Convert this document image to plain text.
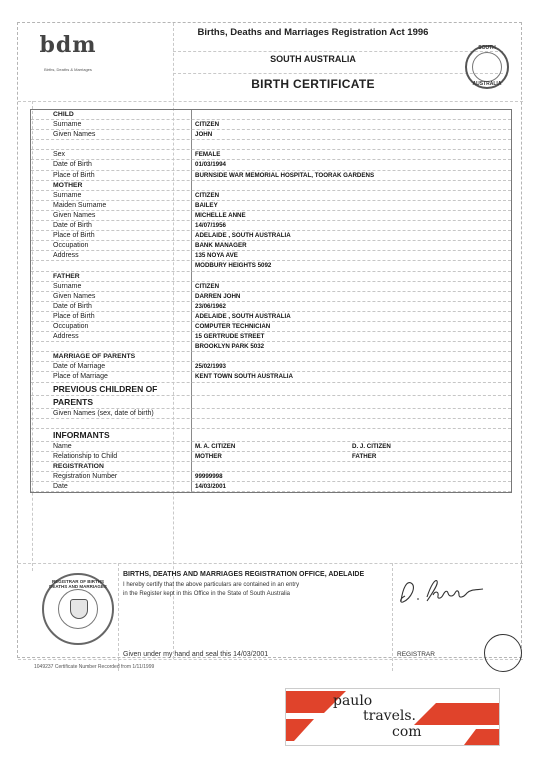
bdm
Births, Deaths & Marriages
Births, Deaths and Marriages Registration Act 1996
SOUTH AUSTRALIA
BIRTH CERTIFICATE
SOUTH
AUSTRALIA
CHILD
Surname	CITIZEN
Given Names	JOHN
Sex	FEMALE
Date of Birth	01/03/1994
Place of Birth	BURNSIDE WAR MEMORIAL HOSPITAL, TOORAK GARDENS
MOTHER
Surname	CITIZEN
Maiden Surname	BAILEY
Given Names	MICHELLE ANNE
Date of Birth	14/07/1956
Place of Birth	ADELAIDE , SOUTH AUSTRALIA
Occupation	BANK MANAGER
Address	135 NOYA AVE
MODBURY HEIGHTS 5092
FATHER
Surname	CITIZEN
Given Names	DARREN JOHN
Date of Birth	23/06/1962
Place of Birth	ADELAIDE , SOUTH AUSTRALIA
Occupation	COMPUTER TECHNICIAN
Address	15 GERTRUDE STREET
BROOKLYN PARK 5032
MARRIAGE OF PARENTS
Date of Marriage	25/02/1993
Place of Marriage	KENT TOWN SOUTH AUSTRALIA
PREVIOUS CHILDREN OF
PARENTS
Given Names (sex, date of birth)
INFORMANTS
Name	M. A. CITIZEN	D. J. CITIZEN
Relationship to Child	MOTHER	FATHER
REGISTRATION
Registration Number	99999998
Date	14/03/2001
REGISTRAR OF BIRTHS DEATHS AND MARRIAGES
BIRTHS, DEATHS AND MARRIAGES REGISTRATION OFFICE, ADELAIDE
I hereby certify that the above particulars are contained in an entry
in the Register kept in this Office in the State of South Australia
Given under my hand and seal this 14/03/2001	REGISTRAR
1049237 Certificate Number Recorded from 1/11/1999
paulo
travels.
com
